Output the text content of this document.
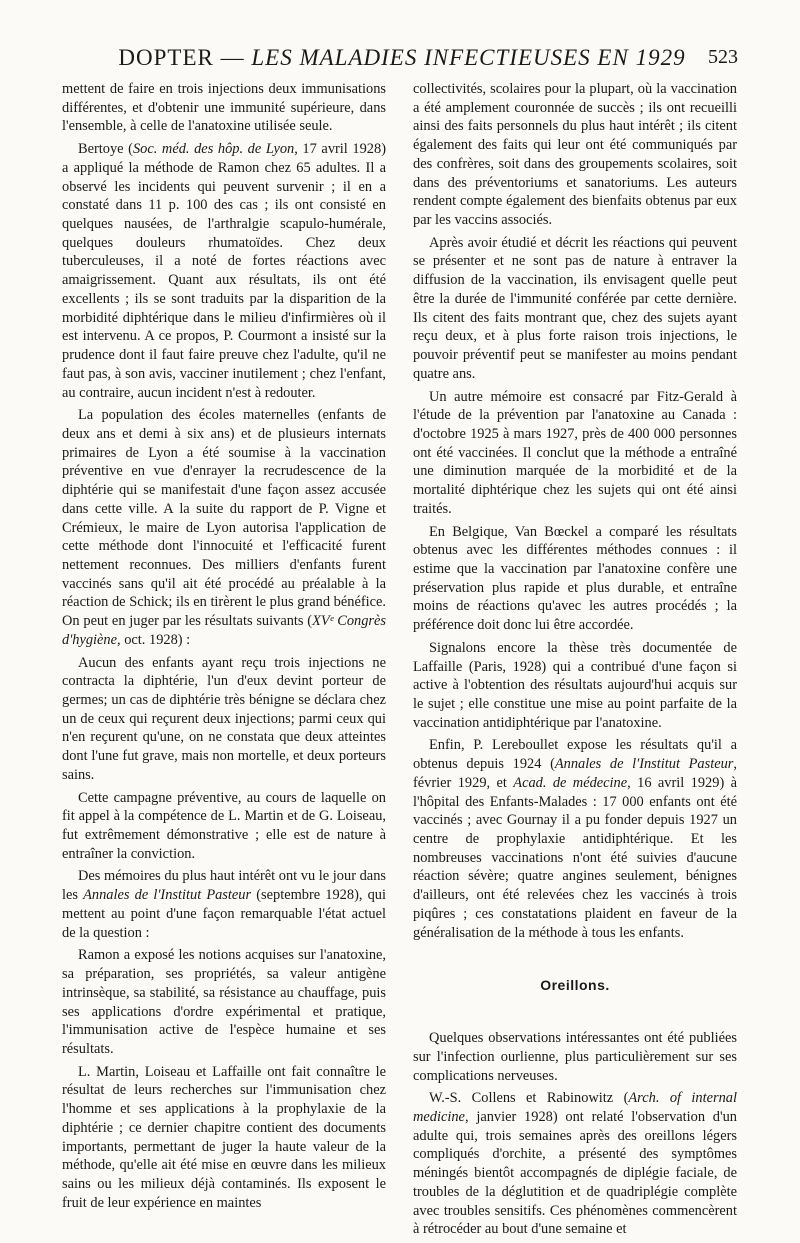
DOPTER — LES MALADIES INFECTIEUSES EN 1929 523

mettent de faire en trois injections deux immunisations différentes, et d'obtenir une immunité supérieure, dans l'ensemble, à celle de l'anatoxine utilisée seule.

Bertoye (Soc. méd. des hôp. de Lyon, 17 avril 1928) a appliqué la méthode de Ramon chez 65 adultes. Il a observé les incidents qui peuvent survenir ; il en a constaté dans 11 p. 100 des cas ; ils ont consisté en quelques nausées, de l'arthralgie scapulo-humérale, quelques douleurs rhumatoïdes. Chez deux tuberculeuses, il a noté de fortes réactions avec amaigrissement. Quant aux résultats, ils ont été excellents ; ils se sont traduits par la disparition de la morbidité diphtérique dans le milieu d'infirmières où il est intervenu. A ce propos, P. Courmont a insisté sur la prudence dont il faut faire preuve chez l'adulte, qu'il ne faut pas, à son avis, vacciner inutilement ; chez l'enfant, au contraire, aucun incident n'est à redouter.

La population des écoles maternelles (enfants de deux ans et demi à six ans) et de plusieurs internats primaires de Lyon a été soumise à la vaccination préventive en vue d'enrayer la recrudescence de la diphtérie qui se manifestait d'une façon assez accusée dans cette ville. A la suite du rapport de P. Vigne et Crémieux, le maire de Lyon autorisa l'application de cette méthode dont l'innocuité et l'efficacité furent nettement reconnues. Des milliers d'enfants furent vaccinés sans qu'il ait été procédé au préalable à la réaction de Schick; ils en tirèrent le plus grand bénéfice. On peut en juger par les résultats suivants (XVᵉ Congrès d'hygiène, oct. 1928) :

Aucun des enfants ayant reçu trois injections ne contracta la diphtérie, l'un d'eux devint porteur de germes; un cas de diphtérie très bénigne se déclara chez un de ceux qui reçurent deux injections; parmi ceux qui n'en reçurent qu'une, on ne constata que deux atteintes dont l'une fut grave, mais non mortelle, et deux porteurs sains.

Cette campagne préventive, au cours de laquelle on fit appel à la compétence de L. Martin et de G. Loiseau, fut extrêmement démonstrative ; elle est de nature à entraîner la conviction.

Des mémoires du plus haut intérêt ont vu le jour dans les Annales de l'Institut Pasteur (septembre 1928), qui mettent au point d'une façon remarquable l'état actuel de la question :

Ramon a exposé les notions acquises sur l'anatoxine, sa préparation, ses propriétés, sa valeur antigène intrinsèque, sa stabilité, sa résistance au chauffage, puis ses applications d'ordre expérimental et pratique, l'immunisation active de l'espèce humaine et ses résultats.

L. Martin, Loiseau et Laffaille ont fait connaître le résultat de leurs recherches sur l'immunisation chez l'homme et ses applications à la prophylaxie de la diphtérie ; ce dernier chapitre contient des documents importants, permettant de juger la haute valeur de la méthode, qu'elle ait été mise en œuvre dans les milieux sains ou les milieux déjà contaminés. Ils exposent le fruit de leur expérience en maintes

collectivités, scolaires pour la plupart, où la vaccination a été amplement couronnée de succès ; ils ont recueilli ainsi des faits personnels du plus haut intérêt ; ils citent également des faits qui leur ont été communiqués par des confrères, soit dans des groupements scolaires, soit dans des préventoriums et sanatoriums. Les auteurs rendent compte également des bienfaits obtenus par eux par les vaccins associés.

Après avoir étudié et décrit les réactions qui peuvent se présenter et ne sont pas de nature à entraver la diffusion de la vaccination, ils envisagent quelle peut être la durée de l'immunité conférée par cette dernière. Ils citent des faits montrant que, chez des sujets ayant reçu deux, et à plus forte raison trois injections, le pouvoir préventif peut se manifester au moins pendant quatre ans.

Un autre mémoire est consacré par Fitz-Gerald à l'étude de la prévention par l'anatoxine au Canada : d'octobre 1925 à mars 1927, près de 400 000 personnes ont été vaccinées. Il conclut que la méthode a entraîné une diminution marquée de la morbidité et de la mortalité diphtérique chez les sujets qui ont été ainsi traités.

En Belgique, Van Bœckel a comparé les résultats obtenus avec les différentes méthodes connues : il estime que la vaccination par l'anatoxine confère une préservation plus rapide et plus durable, et entraîne moins de réactions qu'avec les autres procédés ; la préférence doit donc lui être accordée.

Signalons encore la thèse très documentée de Laffaille (Paris, 1928) qui a contribué d'une façon si active à l'obtention des résultats aujourd'hui acquis sur le sujet ; elle constitue une mise au point parfaite de la vaccination antidiphtérique par l'anatoxine.

Enfin, P. Lereboullet expose les résultats qu'il a obtenus depuis 1924 (Annales de l'Institut Pasteur, février 1929, et Acad. de médecine, 16 avril 1929) à l'hôpital des Enfants-Malades : 17 000 enfants ont été vaccinés ; avec Gournay il a pu fonder depuis 1927 un centre de prophylaxie antidiphtérique. Et les nombreuses vaccinations n'ont été suivies d'aucune réaction sévère; quatre angines seulement, bénignes d'ailleurs, ont été relevées chez les vaccinés à trois piqûres ; ces constatations plaident en faveur de la généralisation de la méthode à tous les enfants.

Oreillons.

Quelques observations intéressantes ont été publiées sur l'infection ourlienne, plus particulièrement sur ses complications nerveuses.

W.-S. Collens et Rabinowitz (Arch. of internal medicine, janvier 1928) ont relaté l'observation d'un adulte qui, trois semaines après des oreillons légers compliqués d'orchite, a présenté des symptômes méningés bientôt accompagnés de diplégie faciale, de troubles de la déglutition et de quadriplégie complète avec troubles sensitifs. Ces phénomènes commencèrent à rétrocéder au bout d'une semaine et
